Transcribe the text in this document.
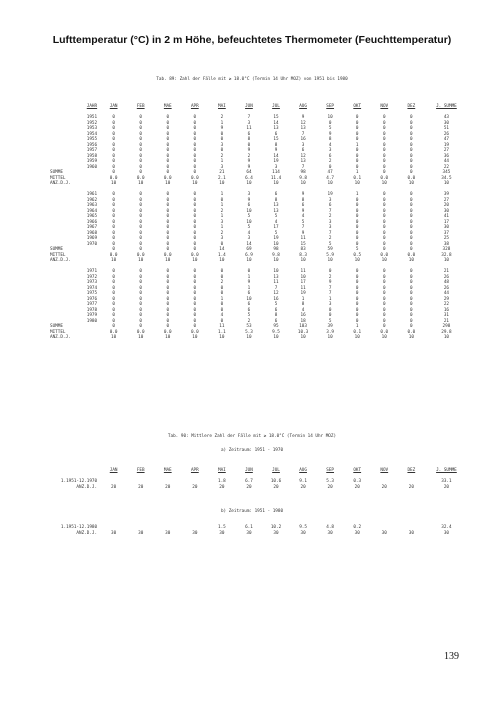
Lufttemperatur (°C) in 2 m Höhe, befeuchtetes Thermometer (Feuchttemperatur)
Tab. 89: Zahl der Fälle mit ≥ 18.0°C (Termin 14 Uhr MOZ) von 1951 bis 1980
JAHR	JAN	FEB	MAE	APR	MAI	JUN	JUL	AUG	SEP	OKT	NOV	DEZ	J. SUMME

1951	0	0	0	0	2	7	15	9	10	0	0	0	43
1952	0	0	0	0	1	3	14	12	0	0	0	0	30
1953	0	0	0	0	9	11	13	13	5	0	0	0	51
1954	0	0	0	0	0	6	6	7	9	0	0	0	26
1955	0	0	0	0	0	8	15	16	8	0	0	0	47
1956	0	0	0	0	3	0	8	3	4	1	0	0	19
1957	0	0	0	0	0	9	9	6	3	0	0	0	27
1958	0	0	0	0	2	2	14	12	6	0	0	0	36
1959	0	0	0	0	1	9	19	13	2	0	0	0	44
1960	0	0	0	0	3	9	3	7	0	0	0	0	22
SUMME	0	0	0	0	21	64	114	98	47	1	0	0	345
MITTEL	0.0	0.0	0.0	0.0	2.1	6.4	11.4	9.8	4.7	0.1	0.0	0.0	34.5
ANZ.D.J.	10	10	10	10	10	10	10	10	10	10	10	10	10

1961	0	0	0	0	1	3	6	9	19	1	0	0	39
1962	0	0	0	0	0	9	8	8	3	0	0	0	27
1963	0	0	0	0	1	6	13	6	6	0	0	0	20
1964	0	0	0	0	2	10	13	9	7	0	0	0	30
1965	0	0	0	0	1	5	5	4	2	0	0	0	41
1966	0	0	0	0	3	10	4	5	3	0	0	0	17
1967	0	0	0	0	1	5	17	7	3	0	0	0	30
1968	0	0	0	0	2	4	5	9	7	0	0	0	37
1969	0	0	0	0	3	3	19	11	2	0	0	0	25
1970	0	0	0	0	0	14	10	15	5	0	0	0	38
SUMME	0	0	0	0	14	69	98	83	59	5	0	0	328
MITTEL	0.0	0.0	0.0	0.0	1.4	6.9	9.8	8.3	5.9	0.5	0.0	0.0	32.8
ANZ.D.J.	10	10	10	10	10	10	10	10	10	10	10	10	10

1971	0	0	0	0	0	0	10	11	0	0	0	0	21
1972	0	0	0	0	0	1	13	10	2	0	0	0	26
1973	0	0	0	0	2	9	11	17	9	0	0	0	48
1974	0	0	0	0	0	1	7	11	7	0	0	0	26
1975	0	0	0	0	0	6	12	19	7	0	0	0	44
1976	0	0	0	0	1	10	16	1	1	0	0	0	29
1977	0	0	0	0	0	6	5	8	3	0	0	0	22
1978	0	0	0	0	0	6	6	4	0	0	0	0	16
1979	0	0	0	0	4	5	8	16	0	0	0	0	31
1980	0	0	0	0	0	2	6	18	5	0	0	0	21
SUMME	0	0	0	0	11	53	95	103	39	1	0	0	298
MITTEL	0.0	0.0	0.0	0.0	1.1	5.3	9.5	10.3	3.9	0.1	0.0	0.0	29.8
ANZ.D.J.	10	10	10	10	10	10	10	10	10	10	10	10	10
Tab. 90: Mittlere Zahl der Fälle mit ≥ 18.0°C (Termin 14 Uhr MOZ)
a) Zeitraum: 1951 - 1970
	JAN	FEB	MAE	APR	MAI	JUN	JUL	AUG	SEP	OKT	NOV	DEZ	J. SUMME

1.1951-12.1970					1.8	6.7	10.6	9.1	5.3	0.3			33.1
ANZ.D.J.	20	20	20	20	20	20	20	20	20	20	20	20	20
b) Zeitraum: 1951 - 1980
1.1951-12.1980					1.5	6.1	10.2	9.5	4.8	0.2			32.4
ANZ.D.J.	30	30	30	30	30	30	30	30	30	30	30	30	30
139
